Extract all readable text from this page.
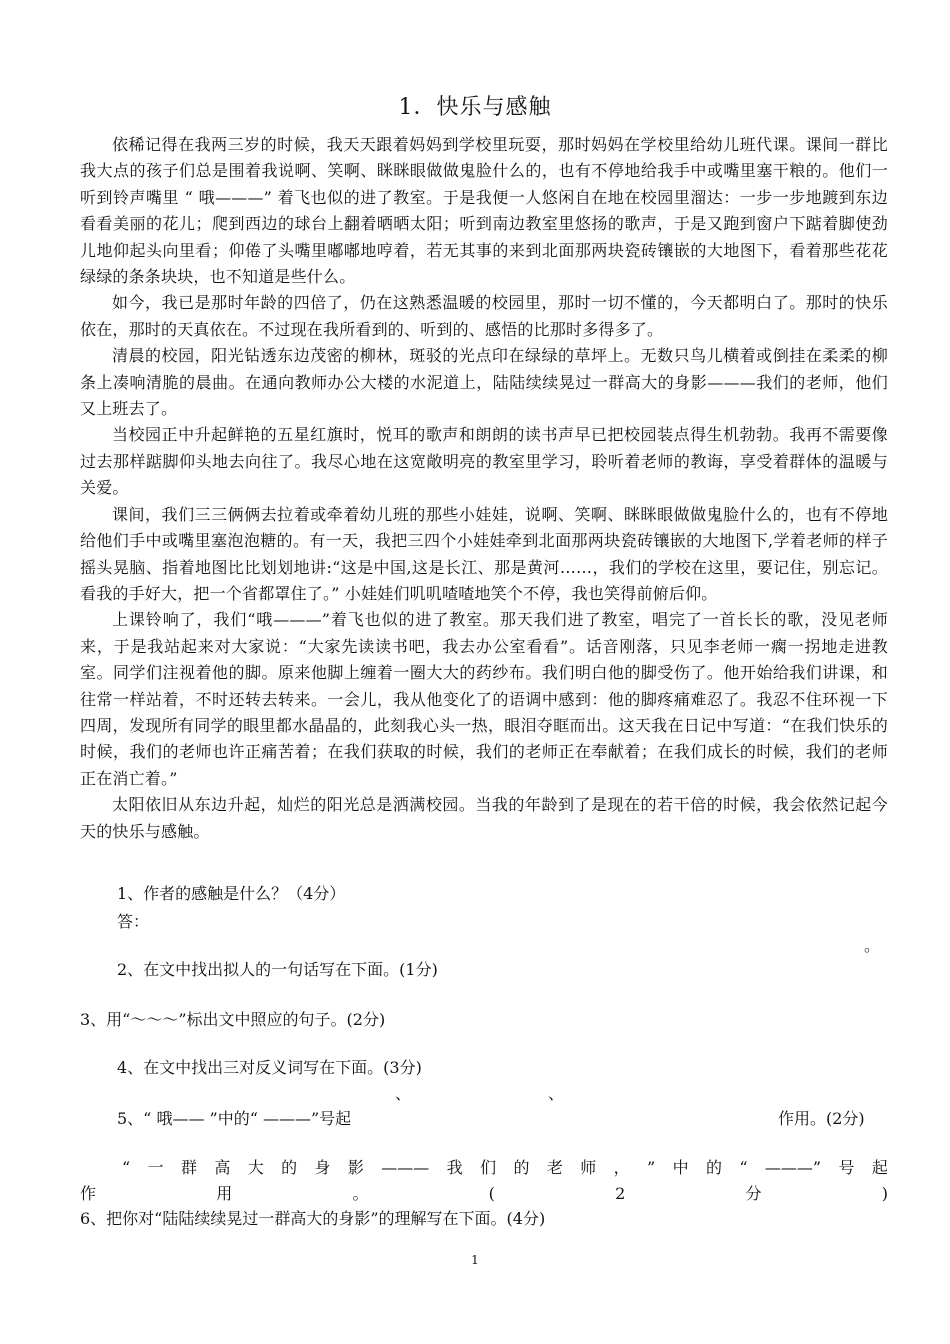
1．快乐与感触

依稀记得在我两三岁的时候，我天天跟着妈妈到学校里玩耍，那时妈妈在学校里给幼儿班代课。课间一群比我大点的孩子们总是围着我说啊、笑啊、眯眯眼做做鬼脸什么的，也有不停地给我手中或嘴里塞干粮的。他们一听到铃声嘴里 “ 哦———” 着飞也似的进了教室。于是我便一人悠闲自在地在校园里溜达：一步一步地踱到东边看看美丽的花儿；爬到西边的球台上翻着晒晒太阳；听到南边教室里悠扬的歌声，于是又跑到窗户下踮着脚使劲儿地仰起头向里看；仰倦了头嘴里嘟嘟地哼着，若无其事的来到北面那两块瓷砖镶嵌的大地图下，看着那些花花绿绿的条条块块，也不知道是些什么。

如今，我已是那时年龄的四倍了，仍在这熟悉温暖的校园里，那时一切不懂的，今天都明白了。那时的快乐依在，那时的天真依在。不过现在我所看到的、听到的、感悟的比那时多得多了。

清晨的校园，阳光钻透东边茂密的柳林，斑驳的光点印在绿绿的草坪上。无数只鸟儿横着或倒挂在柔柔的柳条上凑响清脆的晨曲。在通向教师办公大楼的水泥道上，陆陆续续晃过一群高大的身影———我们的老师，他们又上班去了。

当校园正中升起鲜艳的五星红旗时，悦耳的歌声和朗朗的读书声早已把校园装点得生机勃勃。我再不需要像过去那样踮脚仰头地去向往了。我尽心地在这宽敞明亮的教室里学习，聆听着老师的教诲，享受着群体的温暖与关爱。

课间，我们三三俩俩去拉着或牵着幼儿班的那些小娃娃，说啊、笑啊、眯眯眼做做鬼脸什么的，也有不停地给他们手中或嘴里塞泡泡糖的。有一天，我把三四个小娃娃牵到北面那两块瓷砖镶嵌的大地图下,学着老师的样子摇头晃脑、指着地图比比划划地讲:“这是中国,这是长江、那是黄河……，我们的学校在这里，要记住，别忘记。看我的手好大，把一个省都罩住了。” 小娃娃们叽叽喳喳地笑个不停，我也笑得前俯后仰。

上课铃响了，我们“哦———”着飞也似的进了教室。那天我们进了教室，唱完了一首长长的歌，没见老师来，于是我站起来对大家说：“大家先读读书吧，我去办公室看看”。话音刚落，只见李老师一瘸一拐地走进教室。同学们注视着他的脚。原来他脚上缠着一圈大大的药纱布。我们明白他的脚受伤了。他开始给我们讲课，和往常一样站着，不时还转去转来。一会儿，我从他变化了的语调中感到：他的脚疼痛难忍了。我忍不住环视一下四周，发现所有同学的眼里都水晶晶的，此刻我心头一热，眼泪夺眶而出。这天我在日记中写道：“在我们快乐的时候，我们的老师也许正痛苦着；在我们获取的时候，我们的老师正在奉献着；在我们成长的时候，我们的老师正在消亡着。”

太阳依旧从东边升起，灿烂的阳光总是洒满校园。当我的年龄到了是现在的若干倍的时候，我会依然记起今天的快乐与感触。

1、作者的感触是什么？（4分）
答：
。
2、在文中找出拟人的一句话写在下面。(1分)
3、用“～～～”标出文中照应的句子。(2分)
4、在文中找出三对反义词写在下面。(3分)
、	、
5、“ 哦—— ”中的“ ———”号起	作用。(2分)
“ 一 群 高 大 的 身 影 ——— 我 们 的 老 师 ， ” 中 的 “ ———” 号 起
作	用	。	(	2	分	)
6、把你对“陆陆续续晃过一群高大的身影”的理解写在下面。(4分)
1
